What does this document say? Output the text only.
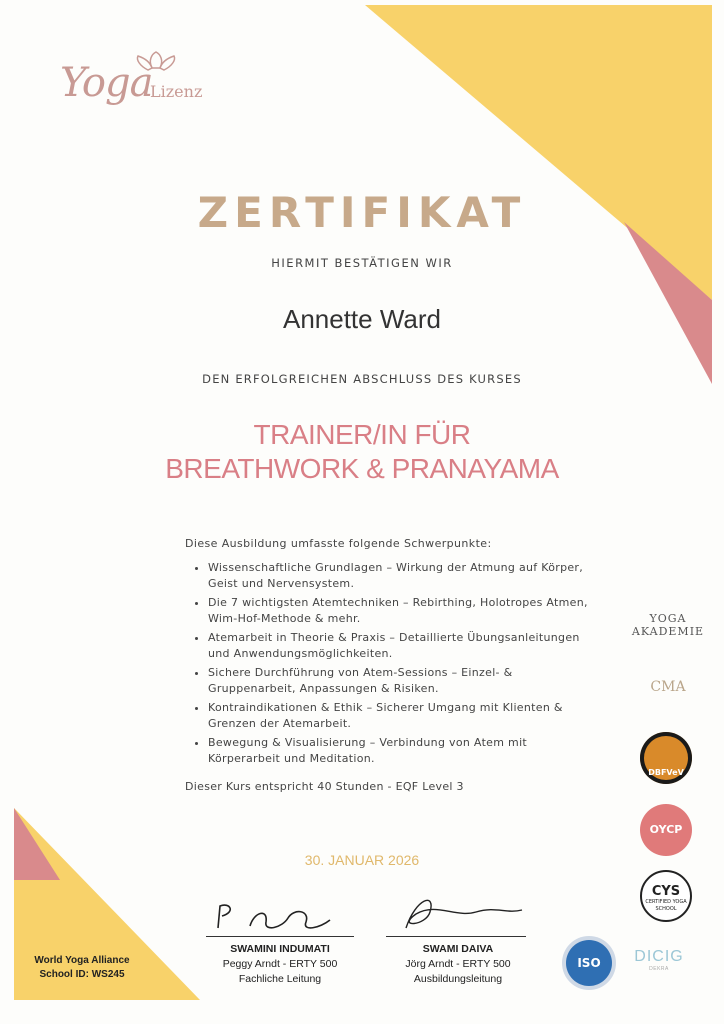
Yoga
Lizenz
ZERTIFIKAT
HIERMIT BESTÄTIGEN WIR
Annette Ward
DEN ERFOLGREICHEN ABSCHLUSS DES KURSES
TRAINER/IN FÜR
BREATHWORK & PRANAYAMA
Diese Ausbildung umfasste folgende Schwerpunkte:
• Wissenschaftliche Grundlagen – Wirkung der Atmung auf Körper, Geist und Nervensystem.
• Die 7 wichtigsten Atemtechniken – Rebirthing, Holotropes Atmen, Wim-Hof-Methode & mehr.
• Atemarbeit in Theorie & Praxis – Detaillierte Übungsanleitungen und Anwendungsmöglichkeiten.
• Sichere Durchführung von Atem-Sessions – Einzel- & Gruppenarbeit, Anpassungen & Risiken.
• Kontraindikationen & Ethik – Sicherer Umgang mit Klienten & Grenzen der Atemarbeit.
• Bewegung & Visualisierung – Verbindung von Atem mit Körperarbeit und Meditation.
Dieser Kurs entspricht 40 Stunden - EQF Level 3
30. JANUAR 2026
SWAMINI INDUMATI
Peggy Arndt - ERTY 500
Fachliche Leitung
SWAMI DAIVA
Jörg Arndt - ERTY 500
Ausbildungsleitung
World Yoga Alliance
School ID: WS245
YOGA
AKADEMIE
CMA
DBFVeV
OYCP
CYS
CERTIFIED YOGA SCHOOL
ISO	DICIG
DEKRA
